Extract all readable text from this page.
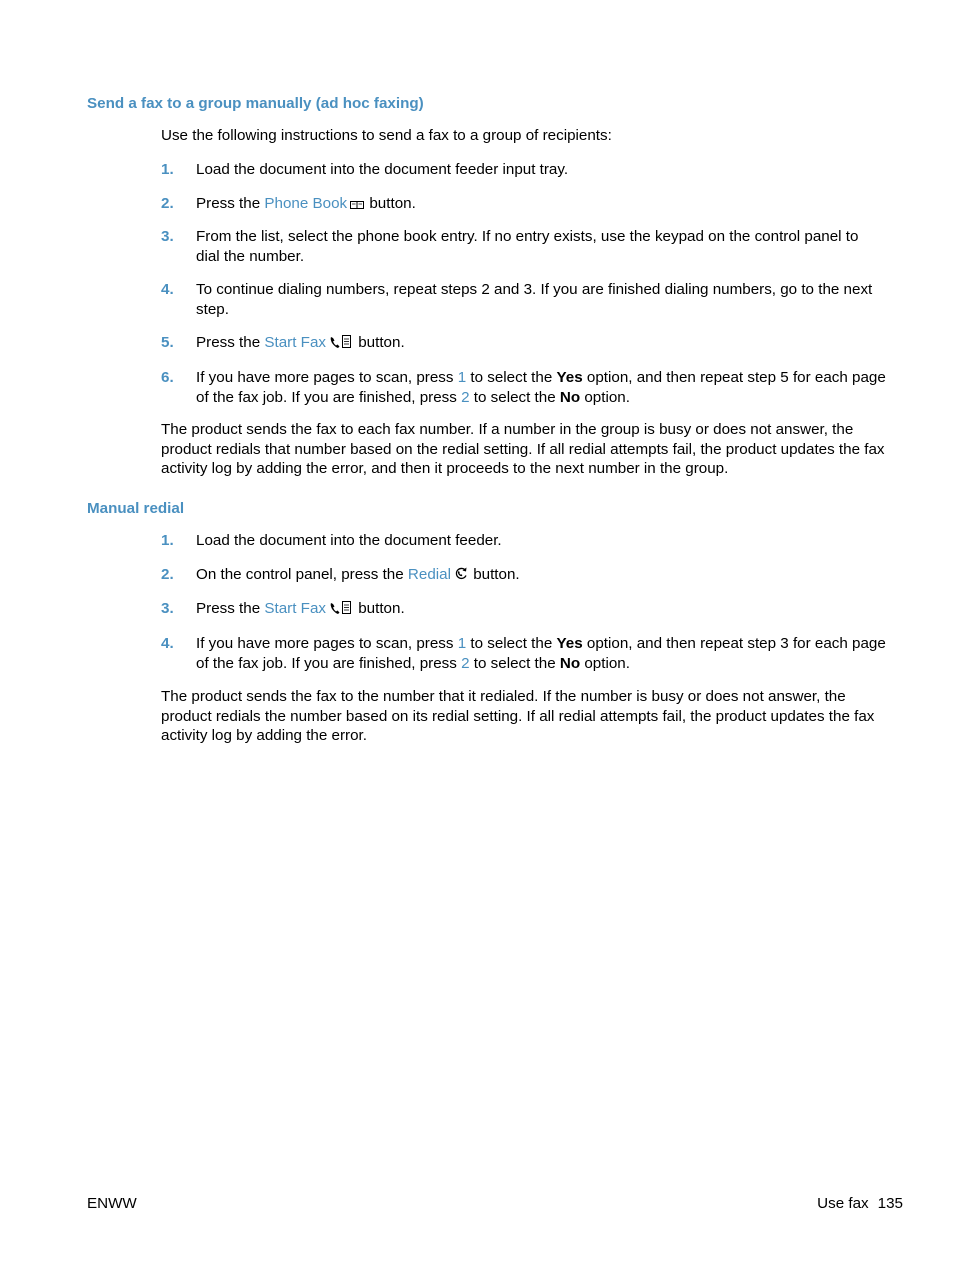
Send a fax to a group manually (ad hoc faxing)

Use the following instructions to send a fax to a group of recipients:

1.	Load the document into the document feeder input tray.
2.	Press the Phone Book button.
3.	From the list, select the phone book entry. If no entry exists, use the keypad on the control panel to dial the number.
4.	To continue dialing numbers, repeat steps 2 and 3. If you are finished dialing numbers, go to the next step.
5.	Press the Start Fax button.
6.	If you have more pages to scan, press 1 to select the Yes option, and then repeat step 5 for each page of the fax job. If you are finished, press 2 to select the No option.

The product sends the fax to each fax number. If a number in the group is busy or does not answer, the product redials that number based on the redial setting. If all redial attempts fail, the product updates the fax activity log by adding the error, and then it proceeds to the next number in the group.

Manual redial
1.	Load the document into the document feeder.
2.	On the control panel, press the Redial button.
3.	Press the Start Fax button.
4.	If you have more pages to scan, press 1 to select the Yes option, and then repeat step 3 for each page of the fax job. If you are finished, press 2 to select the No option.

The product sends the fax to the number that it redialed. If the number is busy or does not answer, the product redials the number based on its redial setting. If all redial attempts fail, the product updates the fax activity log by adding the error.

ENWW	Use fax 135
